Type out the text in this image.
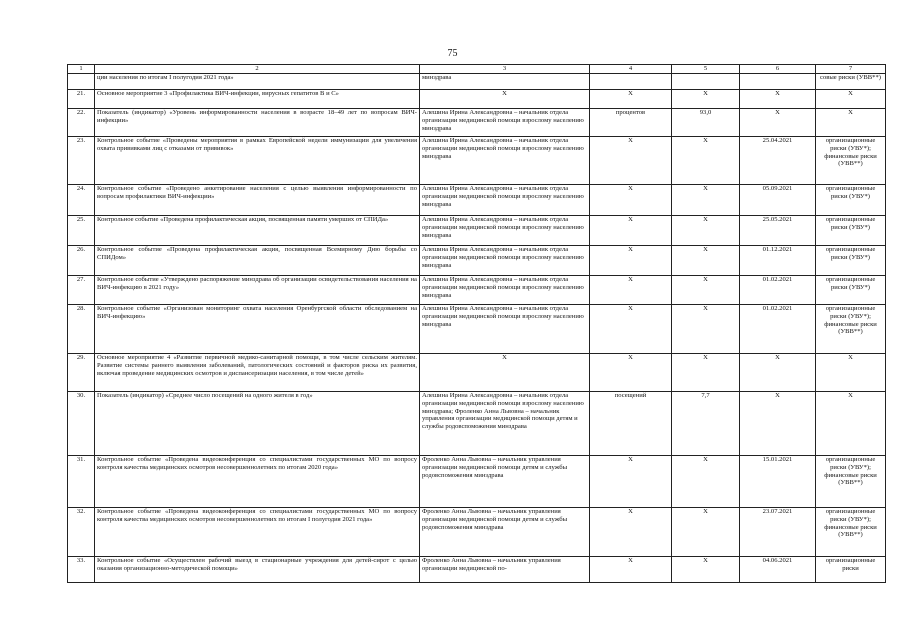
75
1	2	3	4	5	6	7
	ции населения по итогам I полугодия 2021 года»	минздрава				совые риски (УВВ**)
21.	Основное мероприятие 3 «Профилактика ВИЧ-инфекции, вирусных гепатитов В и С»	X	X	X	X	X
22.	Показатель (индикатор) «Уровень информированности населения в возрасте 18–49 лет по вопросам ВИЧ-инфекции»	Алешина Ирина Александровна – начальник отдела организации медицинской помощи взрослому населению минздрава	процентов	93,0	X	X
23.	Контрольное событие «Проведены мероприятия в рамках Европейской недели иммунизации для увеличения охвата прививками лиц с отказами от прививок»	Алешина Ирина Александровна – начальник отдела организации медицинской помощи взрослому населению минздрава	X	X	25.04.2021	организационные риски (УВУ*); финансовые риски (УВВ**)
24.	Контрольное событие «Проведено анкетирование населения с целью выявления информированности по вопросам профилактики ВИЧ-инфекции»	Алешина Ирина Александровна – начальник отдела организации медицинской помощи взрослому населению минздрава	X	X	05.09.2021	организационные риски (УВУ*)
25.	Контрольное событие «Проведена профилактическая акция, посвященная памяти умерших от СПИДа»	Алешина Ирина Александровна – начальник отдела организации медицинской помощи взрослому населению минздрава	X	X	25.05.2021	организационные риски (УВУ*)
26.	Контрольное событие «Проведена профилактическая акция, посвященная Всемирному Дню борьбы со СПИДом»	Алешина Ирина Александровна – начальник отдела организации медицинской помощи взрослому населению минздрава	X	X	01.12.2021	организационные риски (УВУ*)
27.	Контрольное событие «Утверждено распоряжение минздрава об организации освидетельствования населения на ВИЧ-инфекцию в 2021 году»	Алешина Ирина Александровна – начальник отдела организации медицинской помощи взрослому населению минздрава	X	X	01.02.2021	организационные риски (УВУ*)
28.	Контрольное событие «Организован мониторинг охвата населения Оренбургской области обследованием на ВИЧ-инфекцию»	Алешина Ирина Александровна – начальник отдела организации медицинской помощи взрослому населению минздрава	X	X	01.02.2021	организационные риски (УВУ*); финансовые риски (УВВ**)
29.	Основное мероприятие 4 «Развитие первичной медико-санитарной помощи, в том числе сельским жителям. Развитие системы раннего выявления заболеваний, патологических состояний и факторов риска их развития, включая проведение медицинских осмотров и диспансеризации населения, в том числе детей»	X	X	X	X	X
30.	Показатель (индикатор) «Среднее число посещений на одного жителя в год»	Алешина Ирина Александровна – начальник отдела организации медицинской помощи взрослому населению минздрава; Фроленко Анна Львовна – начальник управления организации медицинской помощи детям и службы родовспоможения минздрава	посещений	7,7	X	X
31.	Контрольное событие «Проведена видеоконференция со специалистами государственных МО по вопросу контроля качества медицинских осмотров несовершеннолетних по итогам 2020 года»	Фроленко Анна Львовна – начальник управления организации медицинской помощи детям и службы родовспоможения минздрава	X	X	15.01.2021	организационные риски (УВУ*); финансовые риски (УВВ**)
32.	Контрольное событие «Проведена видеоконференция со специалистами государственных МО по вопросу контроля качества медицинских осмотров несовершеннолетних по итогам I полугодия 2021 года»	Фроленко Анна Львовна – начальник управления организации медицинской помощи детям и службы родовспоможения минздрава	X	X	23.07.2021	организационные риски (УВУ*); финансовые риски (УВВ**)
33.	Контрольное событие «Осуществлен рабочий выезд в стационарные учреждения для детей-сирот с целью оказания организационно-методической помощи»	Фроленко Анна Львовна – начальник управления организации медицинской по-	X	X	04.06.2021	организационные риски
